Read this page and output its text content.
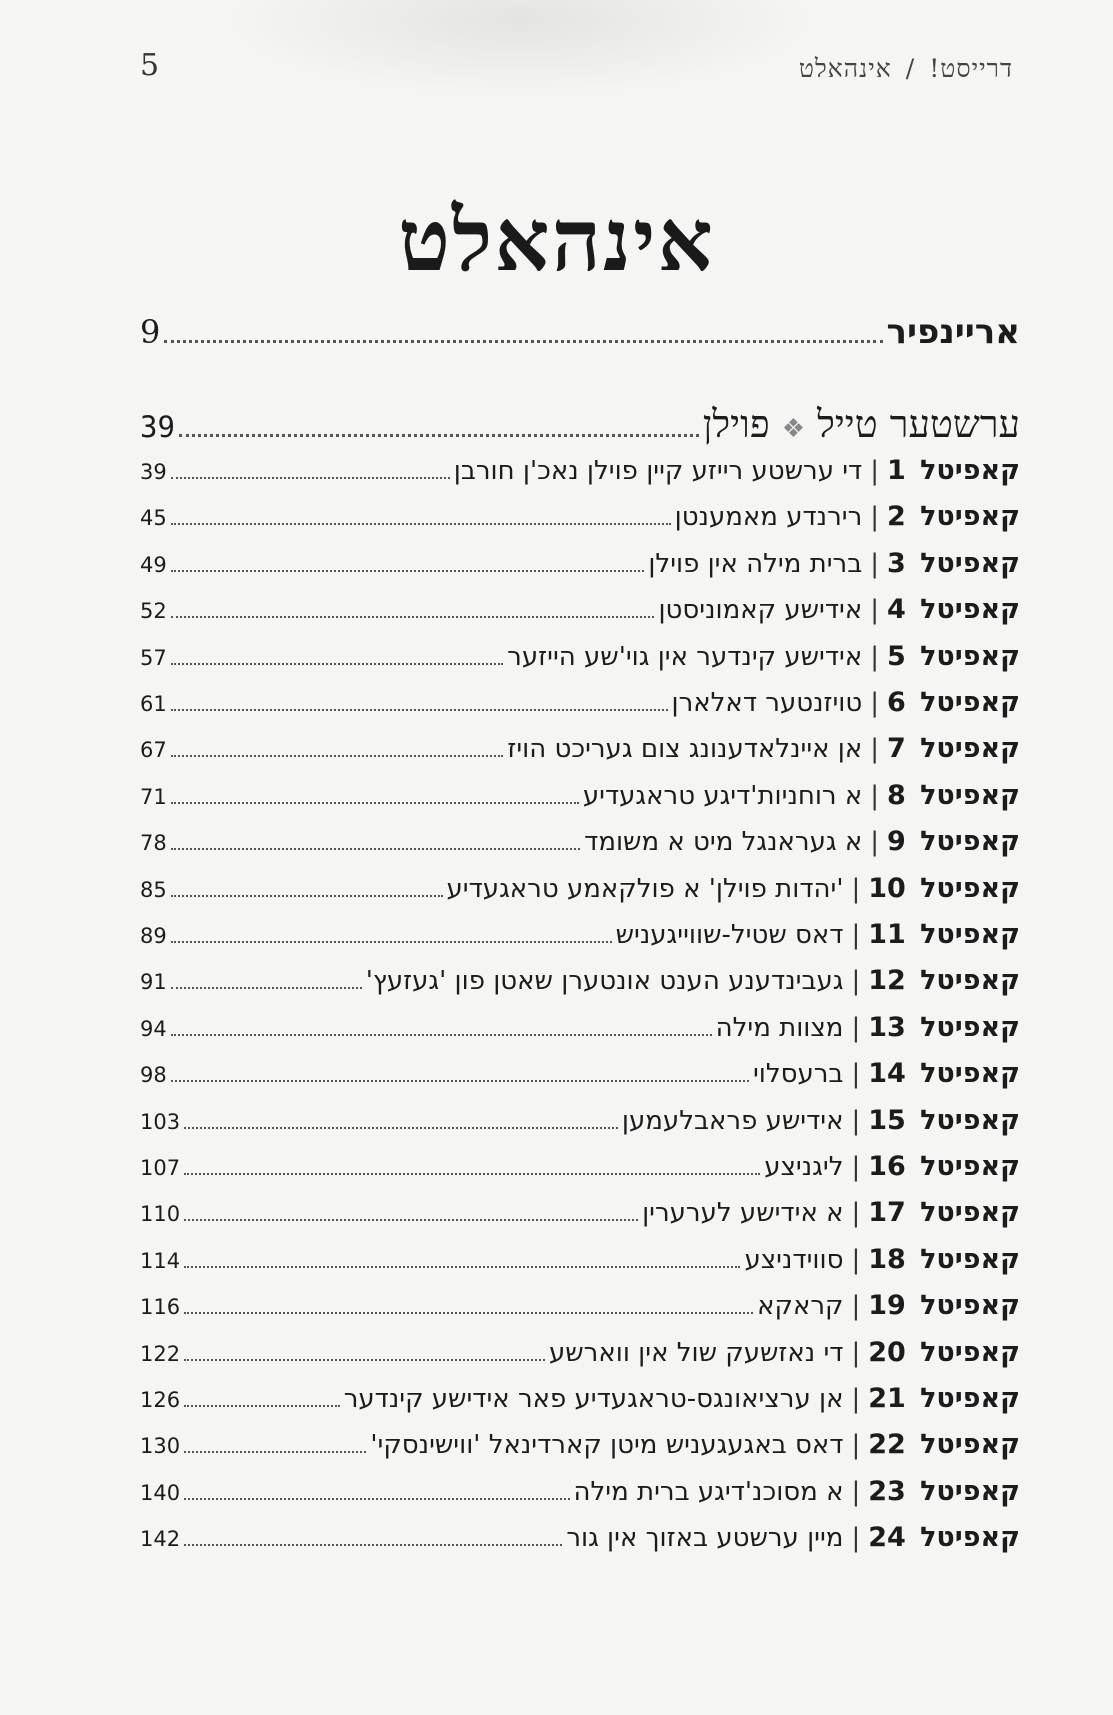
5	דרייסט!/אינהאלט
אינהאלט
אריינפיר
9
ערשטער טייל❖פוילן
39
קאפיטל 1|די ערשטע רייזע קיין פוילן נאכ'ן חורבן
39
קאפיטל 2|רירנדע מאמענטן
45
קאפיטל 3|ברית מילה אין פוילן
49
קאפיטל 4|אידישע קאמוניסטן
52
קאפיטל 5|אידישע קינדער אין גוי'שע הייזער
57
קאפיטל 6|טויזנטער דאלארן
61
קאפיטל 7|אן איינלאדענונג צום געריכט הויז
67
קאפיטל 8|א רוחניות'דיגע טראגעדיע
71
קאפיטל 9|א געראנגל מיט א משומד
78
קאפיטל 10|'יהדות פוילן' א פולקאמע טראגעדיע
85
קאפיטל 11|דאס שטיל-שווייגעניש
89
קאפיטל 12|געבינדענע הענט אונטערן שאטן פון 'געזעץ'
91
קאפיטל 13|מצוות מילה
94
קאפיטל 14|ברעסלוי
98
קאפיטל 15|אידישע פראבלעמען
103
קאפיטל 16|ליגניצע
107
קאפיטל 17|א אידישע לערערין
110
קאפיטל 18|סווידניצע
114
קאפיטל 19|קראקא
116
קאפיטל 20|די נאזשעק שול אין ווארשע
122
קאפיטל 21|אן ערציאונגס-טראגעדיע פאר אידישע קינדער
126
קאפיטל 22|דאס באגעגעניש מיטן קארדינאל 'ווישינסקי'
130
קאפיטל 23|א מסוכנ'דיגע ברית מילה
140
קאפיטל 24|מיין ערשטע באזוך אין גור
142
